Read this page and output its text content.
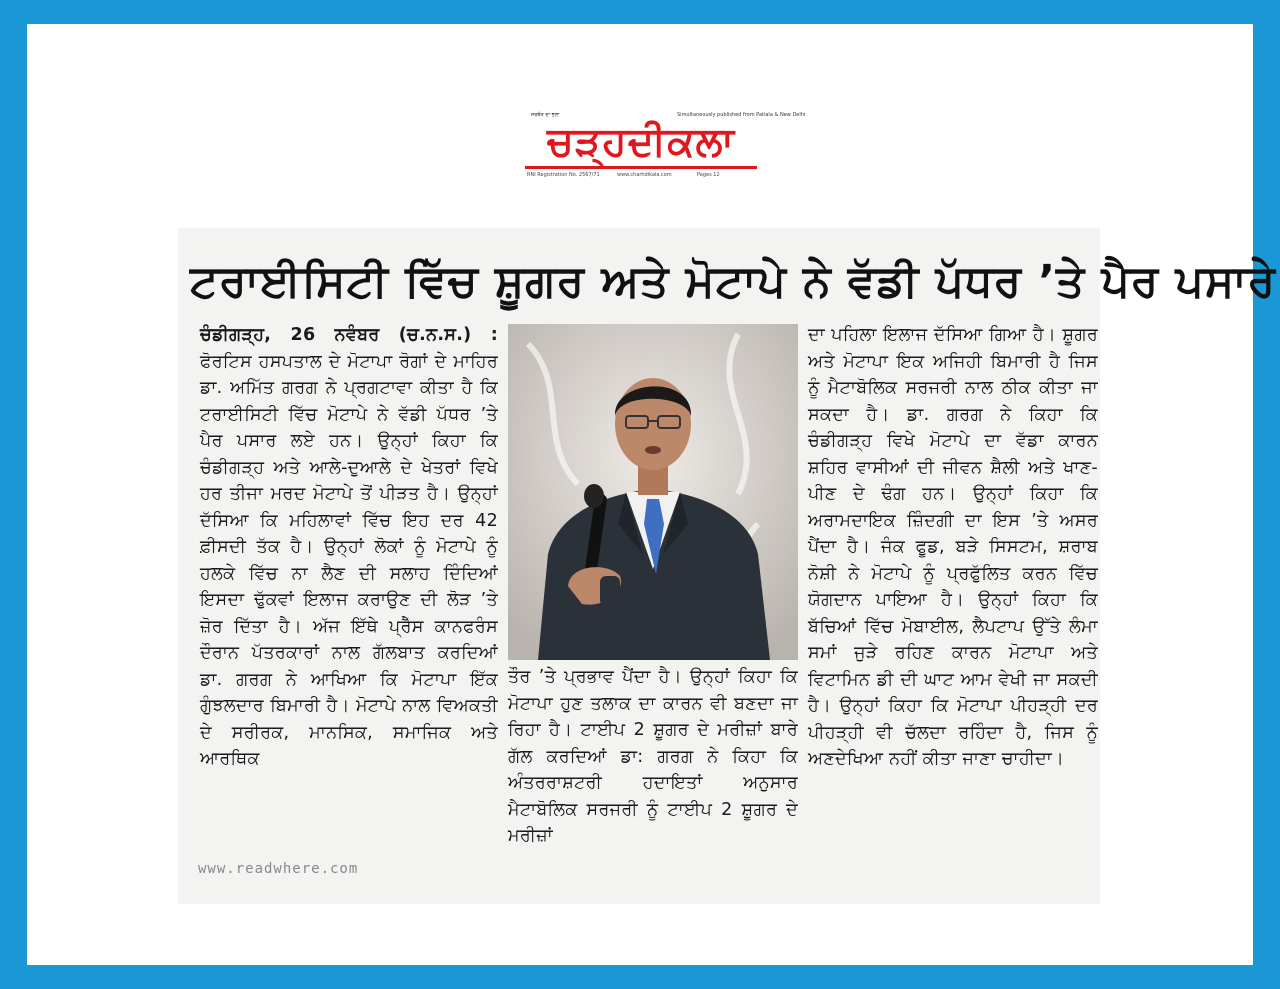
ਸਰਬੱਤ ਦਾ ਭਲਾ	Simultaneously published from Patiala & New Delhi
ਚੜ੍ਹਦੀਕਲਾ
RNI Registration No. 2567/71	www.charhdikala.com	Pages 12
ਟਰਾਈਸਿਟੀ ਵਿੱਚ ਸ਼ੂਗਰ ਅਤੇ ਮੋਟਾਪੇ ਨੇ ਵੱਡੀ ਪੱਧਰ ’ਤੇ ਪੈਰ ਪਸਾਰੇ

ਚੰਡੀਗੜ੍ਹ, 26 ਨਵੰਬਰ (ਚ.ਨ.ਸ.) : ਫੋਰਟਿਸ ਹਸਪਤਾਲ ਦੇ ਮੋਟਾਪਾ ਰੋਗਾਂ ਦੇ ਮਾਹਿਰ ਡਾ. ਅਮਿੱਤ ਗਰਗ ਨੇ ਪ੍ਰਗਟਾਵਾ ਕੀਤਾ ਹੈ ਕਿ ਟਰਾਈਸਿਟੀ ਵਿੱਚ ਮੋਟਾਪੇ ਨੇ ਵੱਡੀ ਪੱਧਰ ’ਤੇ ਪੈਰ ਪਸਾਰ ਲਏ ਹਨ। ਉਨ੍ਹਾਂ ਕਿਹਾ ਕਿ ਚੰਡੀਗੜ੍ਹ ਅਤੇ ਆਲੇ-ਦੁਆਲੇ ਦੇ ਖੇਤਰਾਂ ਵਿਖੇ ਹਰ ਤੀਜਾ ਮਰਦ ਮੋਟਾਪੇ ਤੋਂ ਪੀੜਤ ਹੈ। ਉਨ੍ਹਾਂ ਦੱਸਿਆ ਕਿ ਮਹਿਲਾਵਾਂ ਵਿੱਚ ਇਹ ਦਰ 42 ਫ਼ੀਸਦੀ ਤੱਕ ਹੈ। ਉਨ੍ਹਾਂ ਲੋਕਾਂ ਨੂੰ ਮੋਟਾਪੇ ਨੂੰ ਹਲਕੇ ਵਿੱਚ ਨਾ ਲੈਣ ਦੀ ਸਲਾਹ ਦਿੰਦਿਆਂ ਇਸਦਾ ਢੁੱਕਵਾਂ ਇਲਾਜ ਕਰਾਉਣ ਦੀ ਲੋੜ ’ਤੇ ਜ਼ੋਰ ਦਿੱਤਾ ਹੈ। ਅੱਜ ਇੱਥੇ ਪ੍ਰੈੱਸ ਕਾਨਫਰੰਸ ਦੌਰਾਨ ਪੱਤਰਕਾਰਾਂ ਨਾਲ ਗੱਲਬਾਤ ਕਰਦਿਆਂ ਡਾ. ਗਰਗ ਨੇ ਆਖਿਆ ਕਿ ਮੋਟਾਪਾ ਇੱਕ ਗੁੰਝਲਦਾਰ ਬਿਮਾਰੀ ਹੈ। ਮੋਟਾਪੇ ਨਾਲ ਵਿਅਕਤੀ ਦੇ ਸਰੀਰਕ, ਮਾਨਸਿਕ, ਸਮਾਜਿਕ ਅਤੇ ਆਰਥਿਕ

ਤੌਰ ’ਤੇ ਪ੍ਰਭਾਵ ਪੈਂਦਾ ਹੈ। ਉਨ੍ਹਾਂ ਕਿਹਾ ਕਿ ਮੋਟਾਪਾ ਹੁਣ ਤਲਾਕ ਦਾ ਕਾਰਨ ਵੀ ਬਣਦਾ ਜਾ ਰਿਹਾ ਹੈ। ਟਾਈਪ 2 ਸ਼ੂਗਰ ਦੇ ਮਰੀਜ਼ਾਂ ਬਾਰੇ ਗੱਲ ਕਰਦਿਆਂ ਡਾ: ਗਰਗ ਨੇ ਕਿਹਾ ਕਿ ਅੰਤਰਰਾਸ਼ਟਰੀ ਹਦਾਇਤਾਂ ਅਨੁਸਾਰ ਮੈਟਾਬੋਲਿਕ ਸਰਜਰੀ ਨੂੰ ਟਾਈਪ 2 ਸ਼ੂਗਰ ਦੇ ਮਰੀਜ਼ਾਂ

ਦਾ ਪਹਿਲਾ ਇਲਾਜ ਦੱਸਿਆ ਗਿਆ ਹੈ। ਸ਼ੂਗਰ ਅਤੇ ਮੋਟਾਪਾ ਇਕ ਅਜਿਹੀ ਬਿਮਾਰੀ ਹੈ ਜਿਸ ਨੂੰ ਮੈਟਾਬੋਲਿਕ ਸਰਜਰੀ ਨਾਲ ਠੀਕ ਕੀਤਾ ਜਾ ਸਕਦਾ ਹੈ। ਡਾ. ਗਰਗ ਨੇ ਕਿਹਾ ਕਿ ਚੰਡੀਗੜ੍ਹ ਵਿਖੇ ਮੋਟਾਪੇ ਦਾ ਵੱਡਾ ਕਾਰਨ ਸ਼ਹਿਰ ਵਾਸੀਆਂ ਦੀ ਜੀਵਨ ਸ਼ੈਲੀ ਅਤੇ ਖਾਣ-ਪੀਣ ਦੇ ਢੰਗ ਹਨ। ਉਨ੍ਹਾਂ ਕਿਹਾ ਕਿ ਅਰਾਮਦਾਇਕ ਜ਼ਿੰਦਗੀ ਦਾ ਇਸ ’ਤੇ ਅਸਰ ਪੈਂਦਾ ਹੈ। ਜੰਕ ਫੂਡ, ਬੜੇ ਸਿਸਟਮ, ਸ਼ਰਾਬ ਨੋਸ਼ੀ ਨੇ ਮੋਟਾਪੇ ਨੂੰ ਪ੍ਰਫੁੱਲਿਤ ਕਰਨ ਵਿੱਚ ਯੋਗਦਾਨ ਪਾਇਆ ਹੈ। ਉਨ੍ਹਾਂ ਕਿਹਾ ਕਿ ਬੱਚਿਆਂ ਵਿੱਚ ਮੋਬਾਈਲ, ਲੈਪਟਾਪ ਉੱਤੇ ਲੰਮਾ ਸਮਾਂ ਜੁੜੇ ਰਹਿਣ ਕਾਰਨ ਮੋਟਾਪਾ ਅਤੇ ਵਿਟਾਮਿਨ ਡੀ ਦੀ ਘਾਟ ਆਮ ਵੇਖੀ ਜਾ ਸਕਦੀ ਹੈ। ਉਨ੍ਹਾਂ ਕਿਹਾ ਕਿ ਮੋਟਾਪਾ ਪੀਹੜ੍ਹੀ ਦਰ ਪੀਹੜ੍ਹੀ ਵੀ ਚੱਲਦਾ ਰਹਿੰਦਾ ਹੈ, ਜਿਸ ਨੂੰ ਅਣਦੇਖਿਆ ਨਹੀਂ ਕੀਤਾ ਜਾਣਾ ਚਾਹੀਦਾ।

www.readwhere.com
